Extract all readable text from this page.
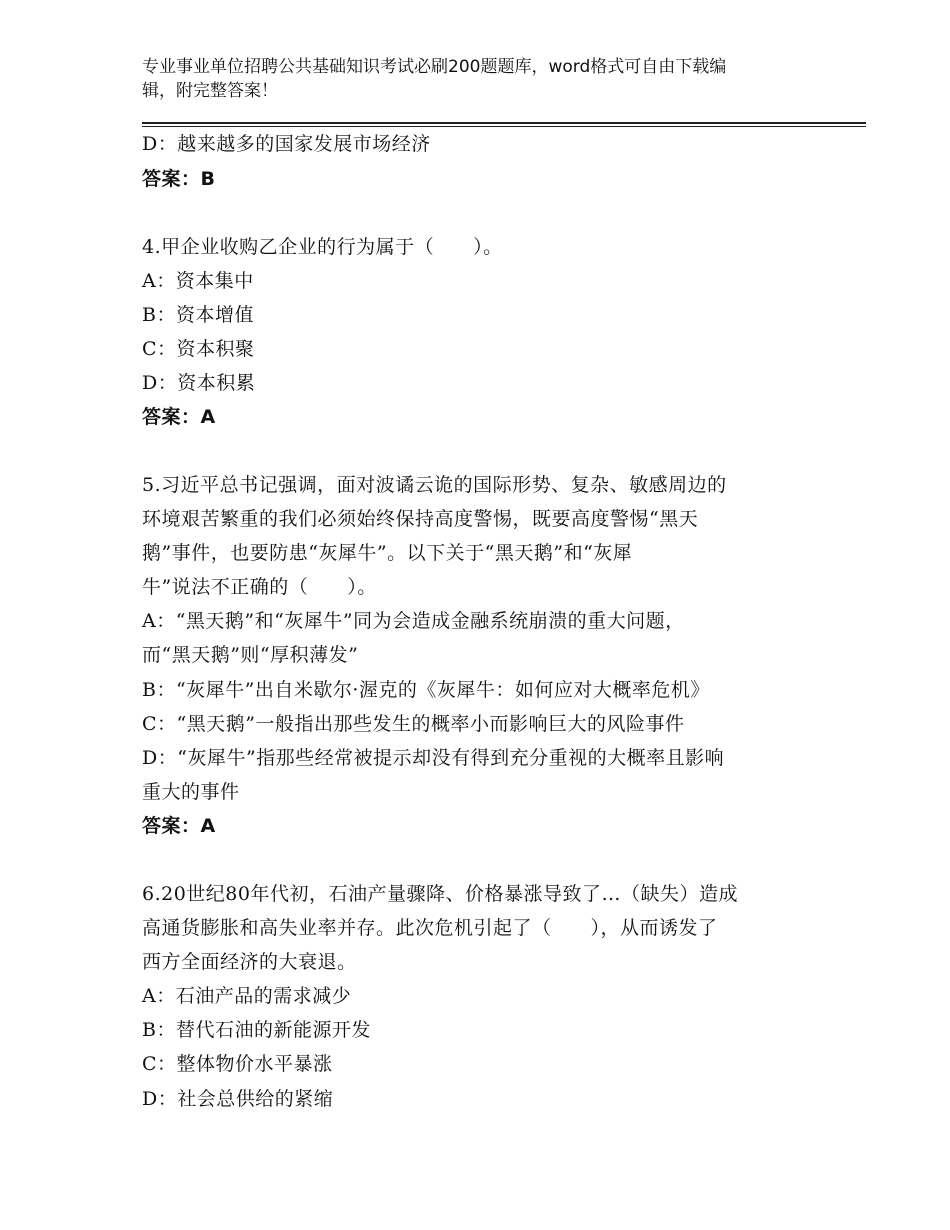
专业事业单位招聘公共基础知识考试必刷200题题库，word格式可自由下载编
辑，附完整答案！
D：越来越多的国家发展市场经济
答案：B
4.甲企业收购乙企业的行为属于（　　）。
A：资本集中
B：资本增值
C：资本积聚
D：资本积累
答案：A
5.习近平总书记强调，面对波谲云诡的国际形势、复杂、敏感周边的
环境艰苦繁重的我们必须始终保持高度警惕，既要高度警惕“黑天
鹅”事件，也要防患“灰犀牛”。以下关于“黑天鹅”和“灰犀
牛”说法不正确的（　　）。
A：“黑天鹅”和“灰犀牛”同为会造成金融系统崩溃的重大问题，
而“黑天鹅”则“厚积薄发”
B：“灰犀牛”出自米歇尔·渥克的《灰犀牛：如何应对大概率危机》
C：“黑天鹅”一般指出那些发生的概率小而影响巨大的风险事件
D：“灰犀牛”指那些经常被提示却没有得到充分重视的大概率且影响
重大的事件
答案：A
6.20世纪80年代初，石油产量骤降、价格暴涨导致了…（缺失）造成
高通货膨胀和高失业率并存。此次危机引起了（　　），从而诱发了
西方全面经济的大衰退。
A：石油产品的需求减少
B：替代石油的新能源开发
C：整体物价水平暴涨
D：社会总供给的紧缩
